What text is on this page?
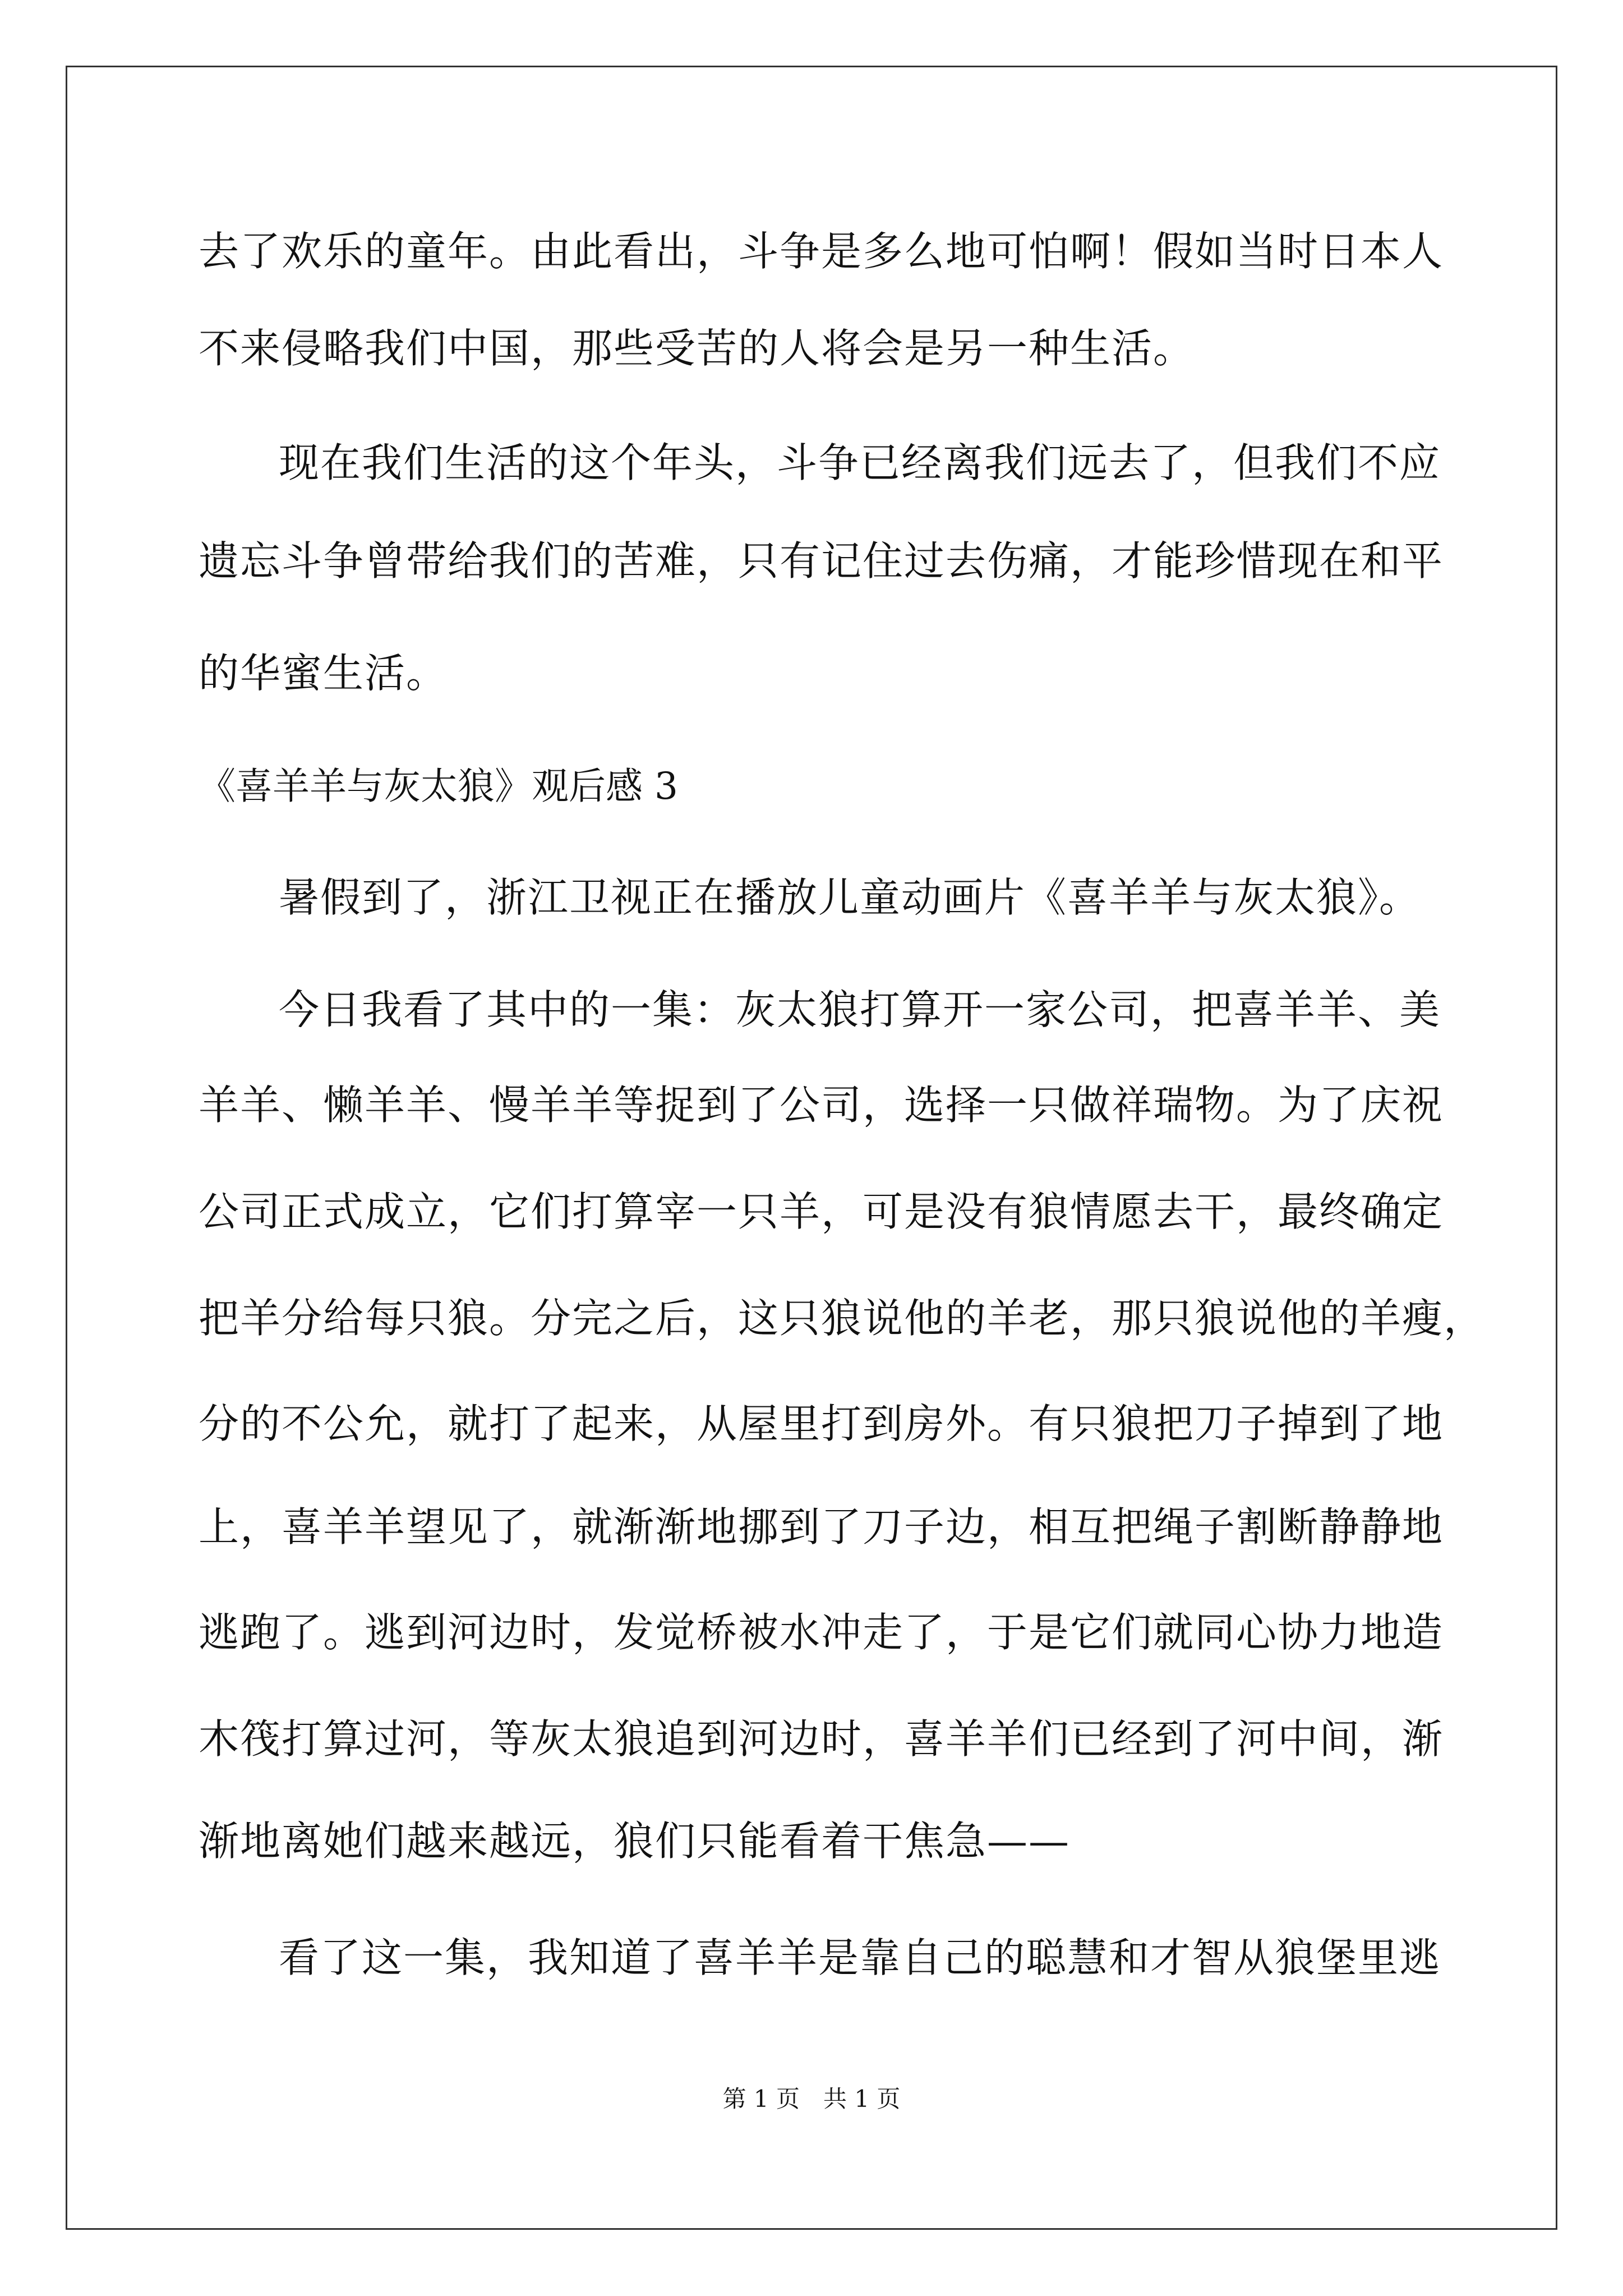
去了欢乐的童年。由此看出，斗争是多么地可怕啊！假如当时日本人
不来侵略我们中国，那些受苦的人将会是另一种生活。
现在我们生活的这个年头，斗争已经离我们远去了，但我们不应
遗忘斗争曾带给我们的苦难，只有记住过去伤痛，才能珍惜现在和平
的华蜜生活。
《喜羊羊与灰太狼》观后感 3
暑假到了，浙江卫视正在播放儿童动画片《喜羊羊与灰太狼》。
今日我看了其中的一集：灰太狼打算开一家公司，把喜羊羊、美
羊羊、懒羊羊、慢羊羊等捉到了公司，选择一只做祥瑞物。为了庆祝
公司正式成立，它们打算宰一只羊，可是没有狼情愿去干，最终确定
把羊分给每只狼。分完之后，这只狼说他的羊老，那只狼说他的羊瘦，
分的不公允，就打了起来，从屋里打到房外。有只狼把刀子掉到了地
上，喜羊羊望见了，就渐渐地挪到了刀子边，相互把绳子割断静静地
逃跑了。逃到河边时，发觉桥被水冲走了，于是它们就同心协力地造
木筏打算过河，等灰太狼追到河边时，喜羊羊们已经到了河中间，渐
渐地离她们越来越远，狼们只能看着干焦急——
看了这一集，我知道了喜羊羊是靠自己的聪慧和才智从狼堡里逃
第 1 页　共 1 页
